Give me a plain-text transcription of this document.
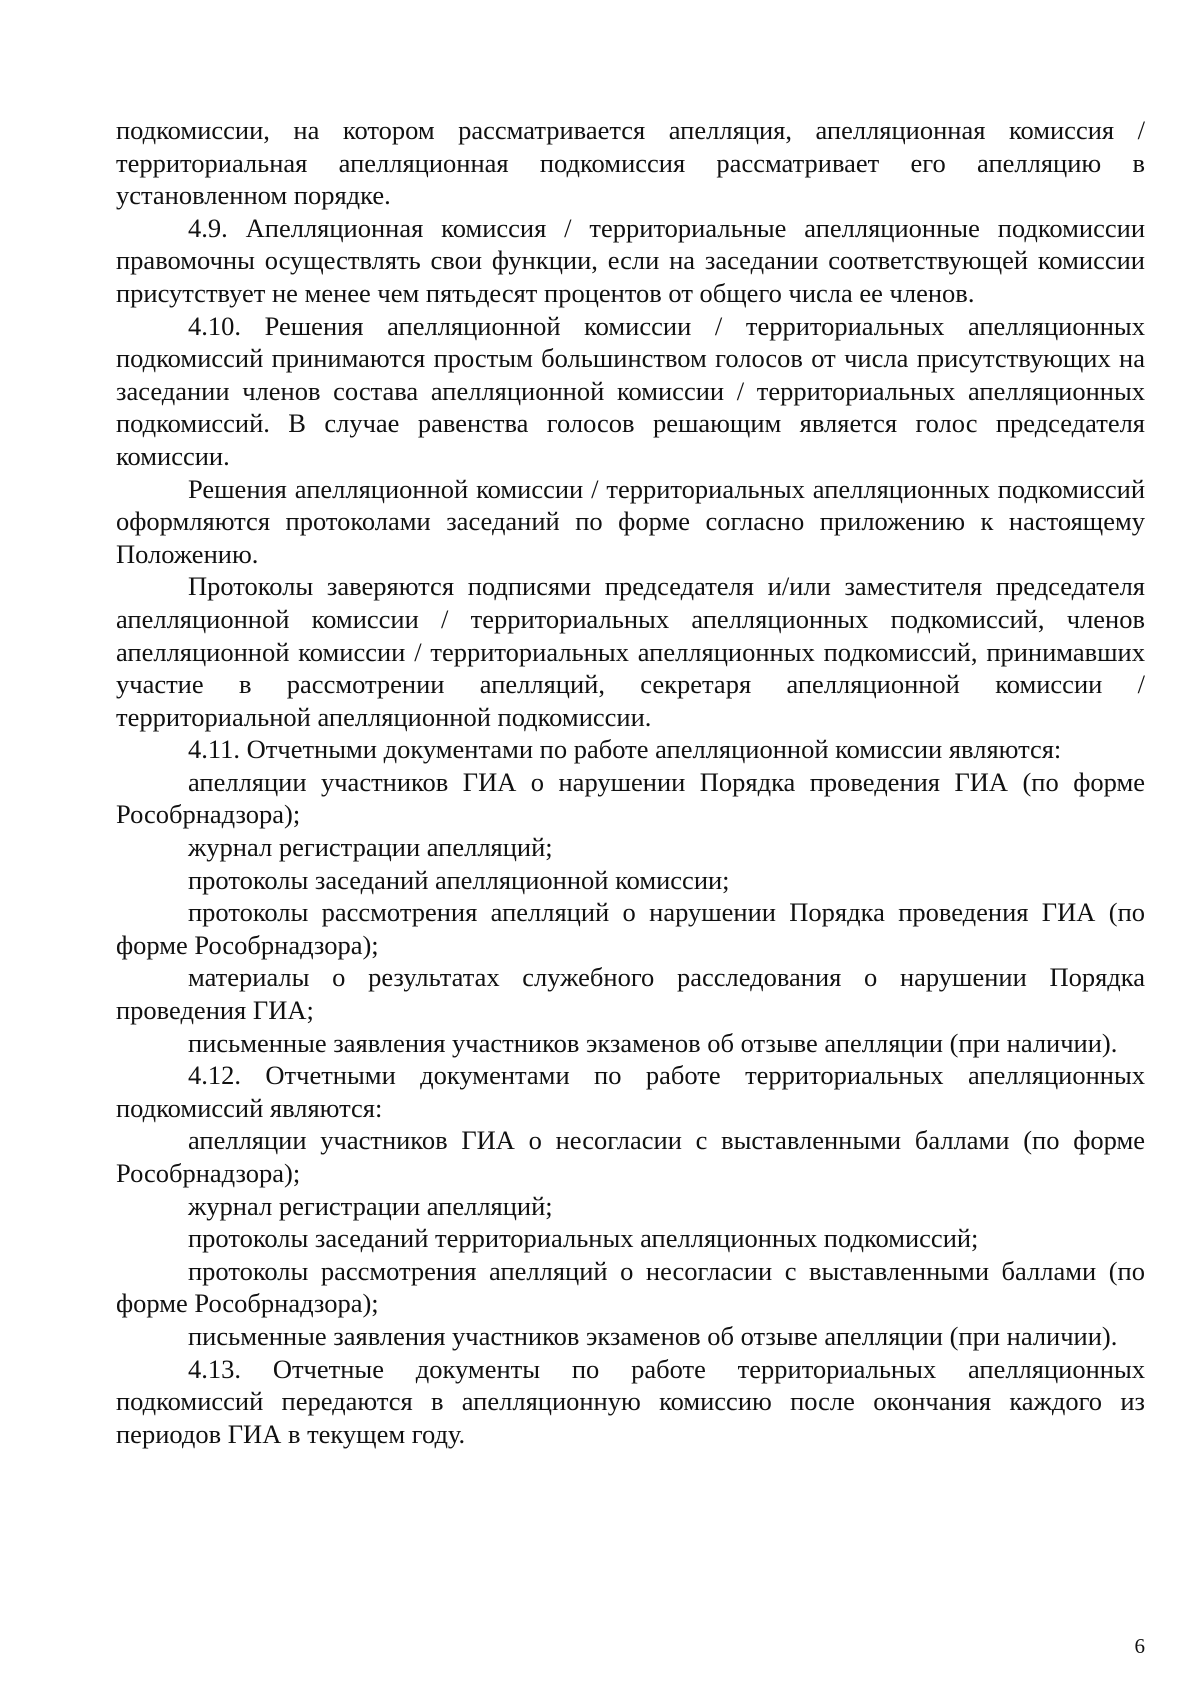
подкомиссии, на котором рассматривается апелляция, апелляционная комиссия / территориальная апелляционная подкомиссия рассматривает его апелляцию в установленном порядке.

4.9. Апелляционная комиссия / территориальные апелляционные подкомиссии правомочны осуществлять свои функции, если на заседании соответствующей комиссии присутствует не менее чем пятьдесят процентов от общего числа ее членов.

4.10. Решения апелляционной комиссии / территориальных апелляционных подкомиссий принимаются простым большинством голосов от числа присутствующих на заседании членов состава апелляционной комиссии / территориальных апелляционных подкомиссий. В случае равенства голосов решающим является голос председателя комиссии.

Решения апелляционной комиссии / территориальных апелляционных подкомиссий оформляются протоколами заседаний по форме согласно приложению к настоящему Положению.

Протоколы заверяются подписями председателя и/или заместителя председателя апелляционной комиссии / территориальных апелляционных подкомиссий, членов апелляционной комиссии / территориальных апелляционных подкомиссий, принимавших участие в рассмотрении апелляций, секретаря апелляционной комиссии / территориальной апелляционной подкомиссии.

4.11. Отчетными документами по работе апелляционной комиссии являются:

апелляции участников ГИА о нарушении Порядка проведения ГИА (по форме Рособрнадзора);

журнал регистрации апелляций;

протоколы заседаний апелляционной комиссии;

протоколы рассмотрения апелляций о нарушении Порядка проведения ГИА (по форме Рособрнадзора);

материалы о результатах служебного расследования о нарушении Порядка проведения ГИА;

письменные заявления участников экзаменов об отзыве апелляции (при наличии).

4.12. Отчетными документами по работе территориальных апелляционных подкомиссий являются:

апелляции участников ГИА о несогласии с выставленными баллами (по форме Рособрнадзора);

журнал регистрации апелляций;

протоколы заседаний территориальных апелляционных подкомиссий;

протоколы рассмотрения апелляций о несогласии с выставленными баллами (по форме Рособрнадзора);

письменные заявления участников экзаменов об отзыве апелляции (при наличии).

4.13. Отчетные документы по работе территориальных апелляционных подкомиссий передаются в апелляционную комиссию после окончания каждого из периодов ГИА в текущем году.

6
